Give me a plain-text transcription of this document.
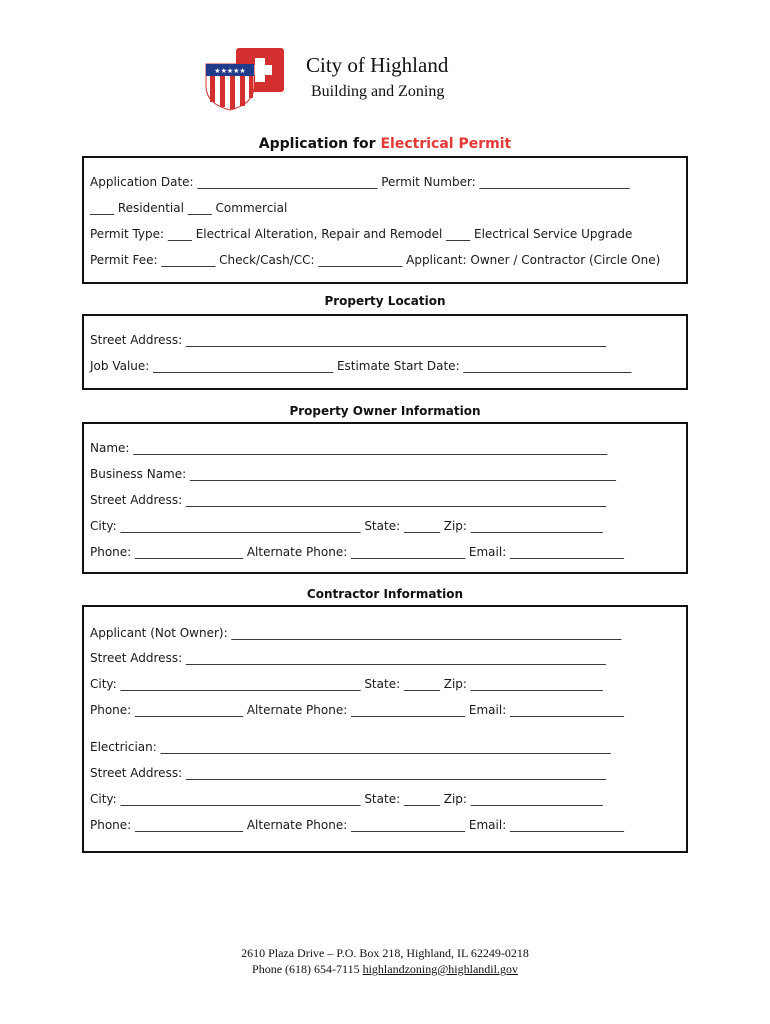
★★★★★	City of Highland
Building and Zoning
Application for Electrical Permit
Application Date: ______________________________ Permit Number: _________________________
____ Residential ____ Commercial
Permit Type: ____ Electrical Alteration, Repair and Remodel ____ Electrical Service Upgrade
Permit Fee: _________ Check/Cash/CC: ______________ Applicant: Owner / Contractor (Circle One)
Property Location
Street Address: ______________________________________________________________________
Job Value: ______________________________ Estimate Start Date: ____________________________
Property Owner Information
Name: _______________________________________________________________________________
Business Name: _______________________________________________________________________
Street Address: ______________________________________________________________________
City: ________________________________________ State: ______ Zip: ______________________
Phone: __________________ Alternate Phone: ___________________ Email: ___________________
Contractor Information
Applicant (Not Owner): _________________________________________________________________
Street Address: ______________________________________________________________________
City: ________________________________________ State: ______ Zip: ______________________
Phone: __________________ Alternate Phone: ___________________ Email: ___________________
Electrician: ___________________________________________________________________________
Street Address: ______________________________________________________________________
City: ________________________________________ State: ______ Zip: ______________________
Phone: __________________ Alternate Phone: ___________________ Email: ___________________
2610 Plaza Drive – P.O. Box 218, Highland, IL 62249-0218
Phone (618) 654-7115 highlandzoning@highlandil.gov
